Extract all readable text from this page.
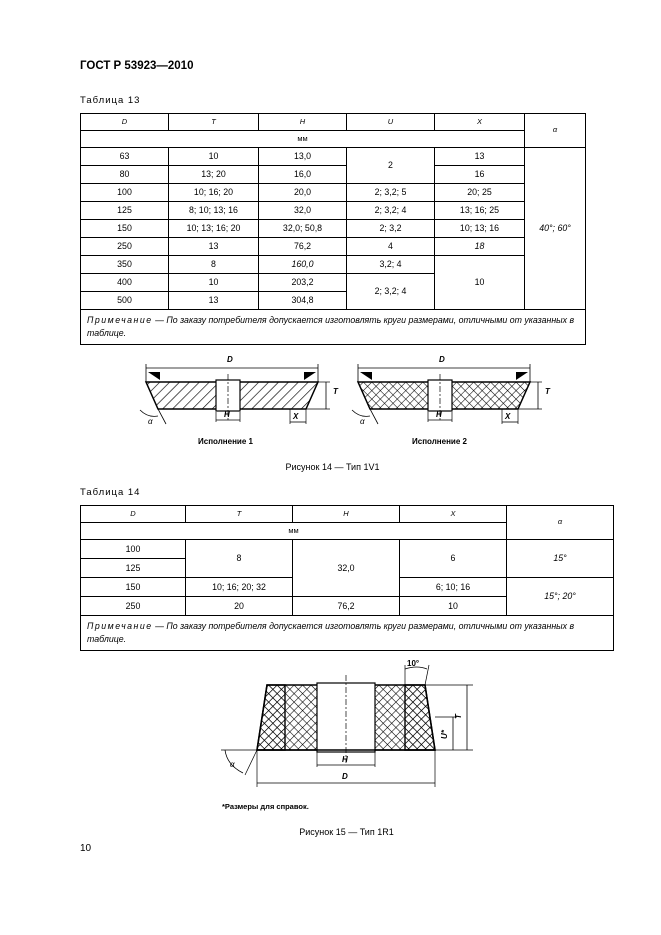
ГОСТ Р 53923—2010
Таблица 13
D	T	H	U	X	α
мм					
63	10	13,0	2	13	40°; 60°
80	13; 20	16,0		16	
100	10; 16; 20	20,0	2; 3,2; 5	20; 25	
125	8; 10; 13; 16	32,0	2; 3,2; 4	13; 16; 25	
150	10; 13; 16; 20	32,0; 50,8	2; 3,2	10; 13; 16	
250	13	76,2	4	18	
350	8	160,0	3,2; 4	10	
400	10	203,2	2; 3,2; 4		
500	13	304,8			
Примечание — По заказу потребителя допускается изготовлять круги размерами, отличными от указанных в таблице.					
D	D
H	H
X	X
T	T
α	α
Исполнение 1	Исполнение 2
Рисунок 14 — Тип 1V1
Таблица 14
D	T	H	X	α
мм				
100	8	32,0	6	15°
125				
150	10; 16; 20; 32		6; 10; 16	15°; 20°
250	20	76,2	10	
Примечание — По заказу потребителя допускается изготовлять круги размерами, отличными от указанных в таблице.				
10°
T
U*
H
D
α
*Размеры для справок.
Рисунок 15 — Тип 1R1
10
